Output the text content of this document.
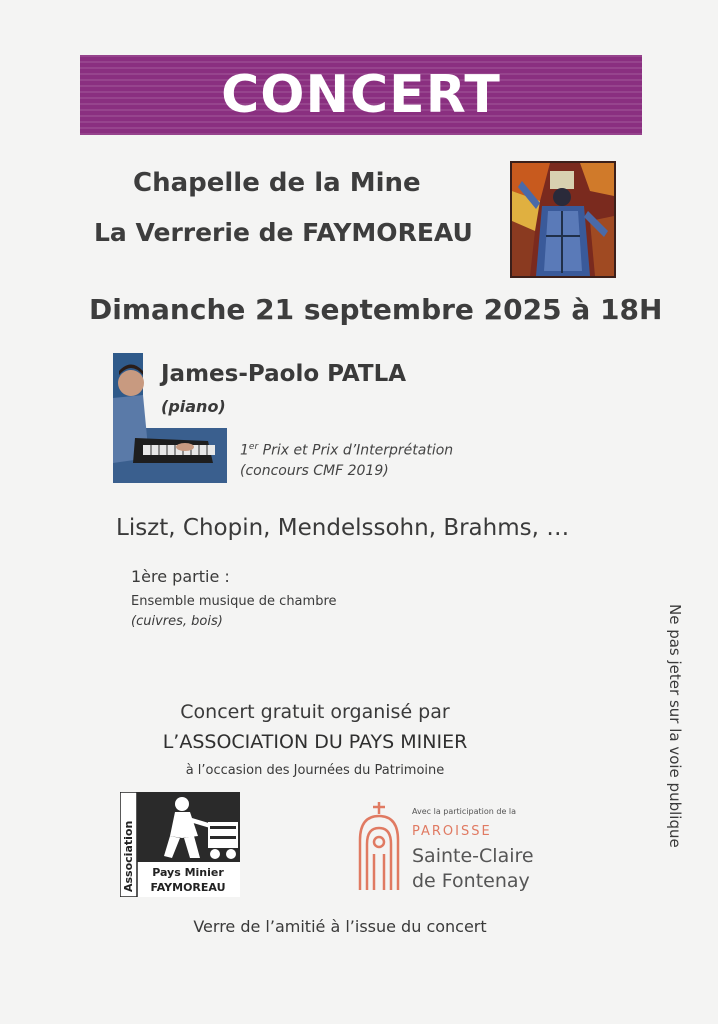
CONCERT
Chapelle de la Mine
La Verrerie de FAYMOREAU
Dimanche 21 septembre 2025 à 18H
James-Paolo PATLA
(piano)
1er Prix et Prix d’Interprétation
(concours CMF 2019)
Liszt, Chopin, Mendelssohn, Brahms, …
1ère partie :
Ensemble musique de chambre
(cuivres, bois)	Ne pas jeter sur la voie publique
Concert gratuit organisé par
L’ASSOCIATION DU PAYS MINIER
à l’occasion des Journées du Patrimoine
Association Pays Minier
FAYMOREAU
Avec la participation de la
PAROISSE
Sainte-Claire
de Fontenay
Verre de l’amitié à l’issue du concert
